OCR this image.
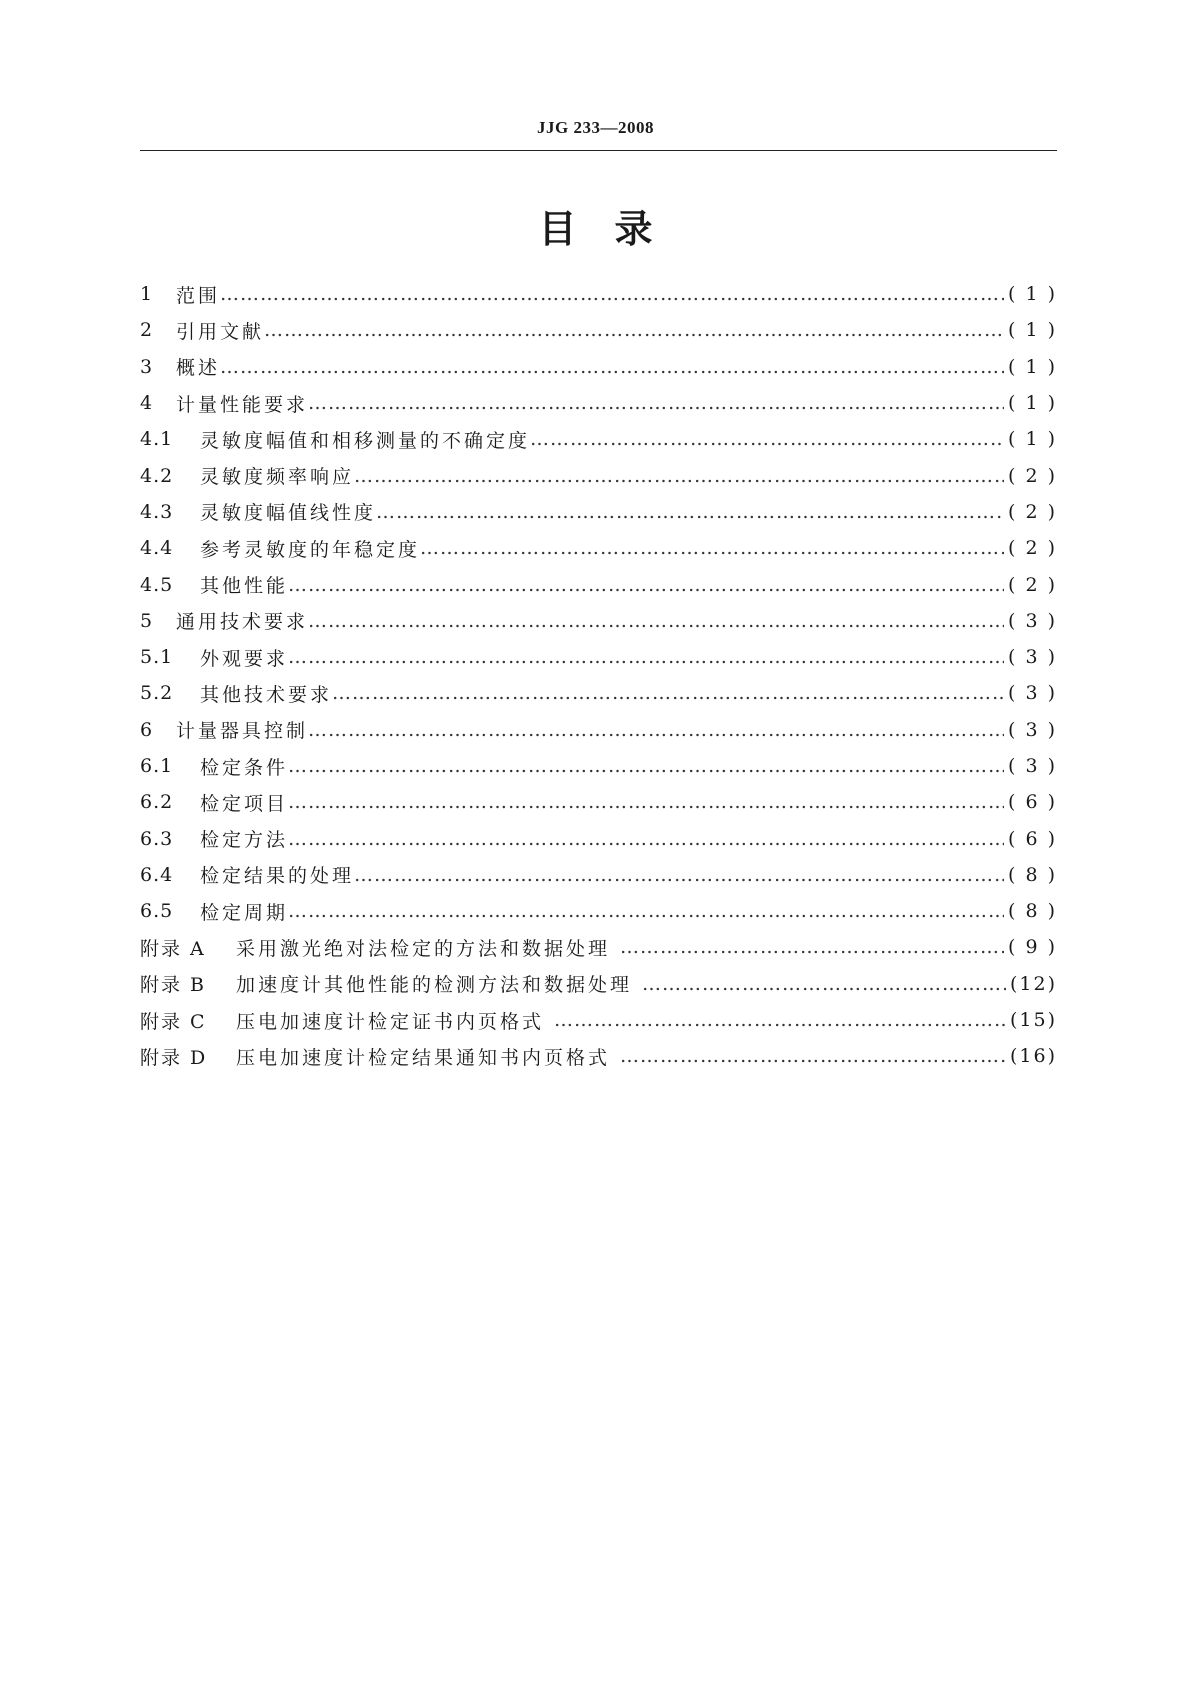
JJG 233—2008
目　录
1	范围 ……………………………………………………………………………………………………………………………………………………………………………………………………………	( 1 )
2	引用文献 ……………………………………………………………………………………………………………………………………………………………………………………………………………	( 1 )
3	概述 ……………………………………………………………………………………………………………………………………………………………………………………………………………	( 1 )
4	计量性能要求 ……………………………………………………………………………………………………………………………………………………………………………………………………………	( 1 )
4.1	灵敏度幅值和相移测量的不确定度 ……………………………………………………………………………………………………………………………………………………………………………………………………………	( 1 )
4.2	灵敏度频率响应 ……………………………………………………………………………………………………………………………………………………………………………………………………………	( 2 )
4.3	灵敏度幅值线性度 ……………………………………………………………………………………………………………………………………………………………………………………………………………	( 2 )
4.4	参考灵敏度的年稳定度 ……………………………………………………………………………………………………………………………………………………………………………………………………………	( 2 )
4.5	其他性能 ……………………………………………………………………………………………………………………………………………………………………………………………………………	( 2 )
5	通用技术要求 ……………………………………………………………………………………………………………………………………………………………………………………………………………	( 3 )
5.1	外观要求 ……………………………………………………………………………………………………………………………………………………………………………………………………………	( 3 )
5.2	其他技术要求 ……………………………………………………………………………………………………………………………………………………………………………………………………………	( 3 )
6	计量器具控制 ……………………………………………………………………………………………………………………………………………………………………………………………………………	( 3 )
6.1	检定条件 ……………………………………………………………………………………………………………………………………………………………………………………………………………	( 3 )
6.2	检定项目 ……………………………………………………………………………………………………………………………………………………………………………………………………………	( 6 )
6.3	检定方法 ……………………………………………………………………………………………………………………………………………………………………………………………………………	( 6 )
6.4	检定结果的处理 ……………………………………………………………………………………………………………………………………………………………………………………………………………	( 8 )
6.5	检定周期 ……………………………………………………………………………………………………………………………………………………………………………………………………………	( 8 )
附录 A	采用激光绝对法检定的方法和数据处理 ……………………………………………………………………………………………………………………………………………………………………………………………………………	( 9 )
附录 B	加速度计其他性能的检测方法和数据处理 ……………………………………………………………………………………………………………………………………………………………………………………………………………	(12)
附录 C	压电加速度计检定证书内页格式 ……………………………………………………………………………………………………………………………………………………………………………………………………………	(15)
附录 D	压电加速度计检定结果通知书内页格式 ……………………………………………………………………………………………………………………………………………………………………………………………………………	(16)
